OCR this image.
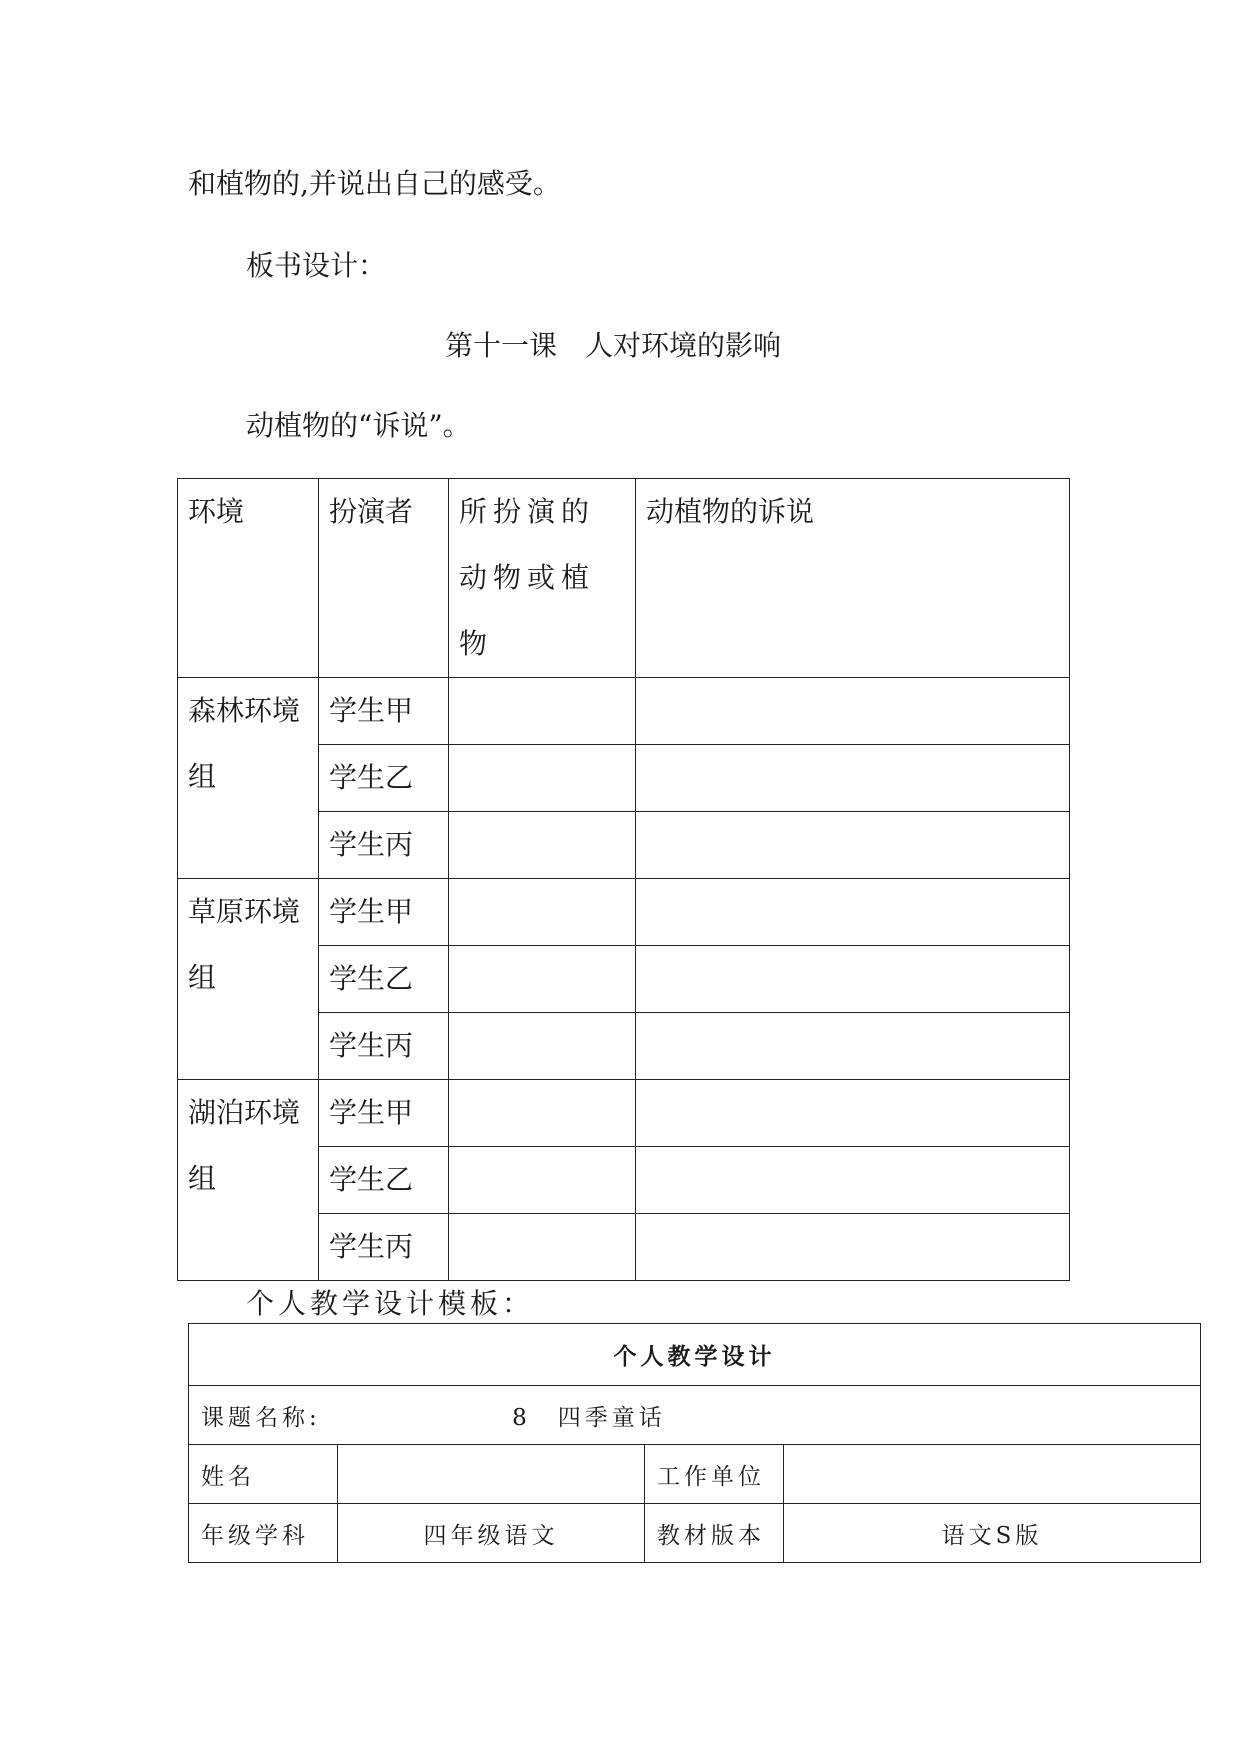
和植物的,并说出自己的感受。
板书设计：
第十一课　人对环境的影响
动植物的“诉说”。
环境	扮演者	所扮演的动物或植物	动植物的诉说
森林环境组	学生甲		
	学生乙		
	学生丙		
草原环境组	学生甲		
	学生乙		
	学生丙		
湖泊环境组	学生甲		
	学生乙		
	学生丙		
个人教学设计模板：
个人教学设计			
课题名称: 8　四季童话			
姓名		工作单位	
年级学科	四年级语文	教材版本	语文S版
